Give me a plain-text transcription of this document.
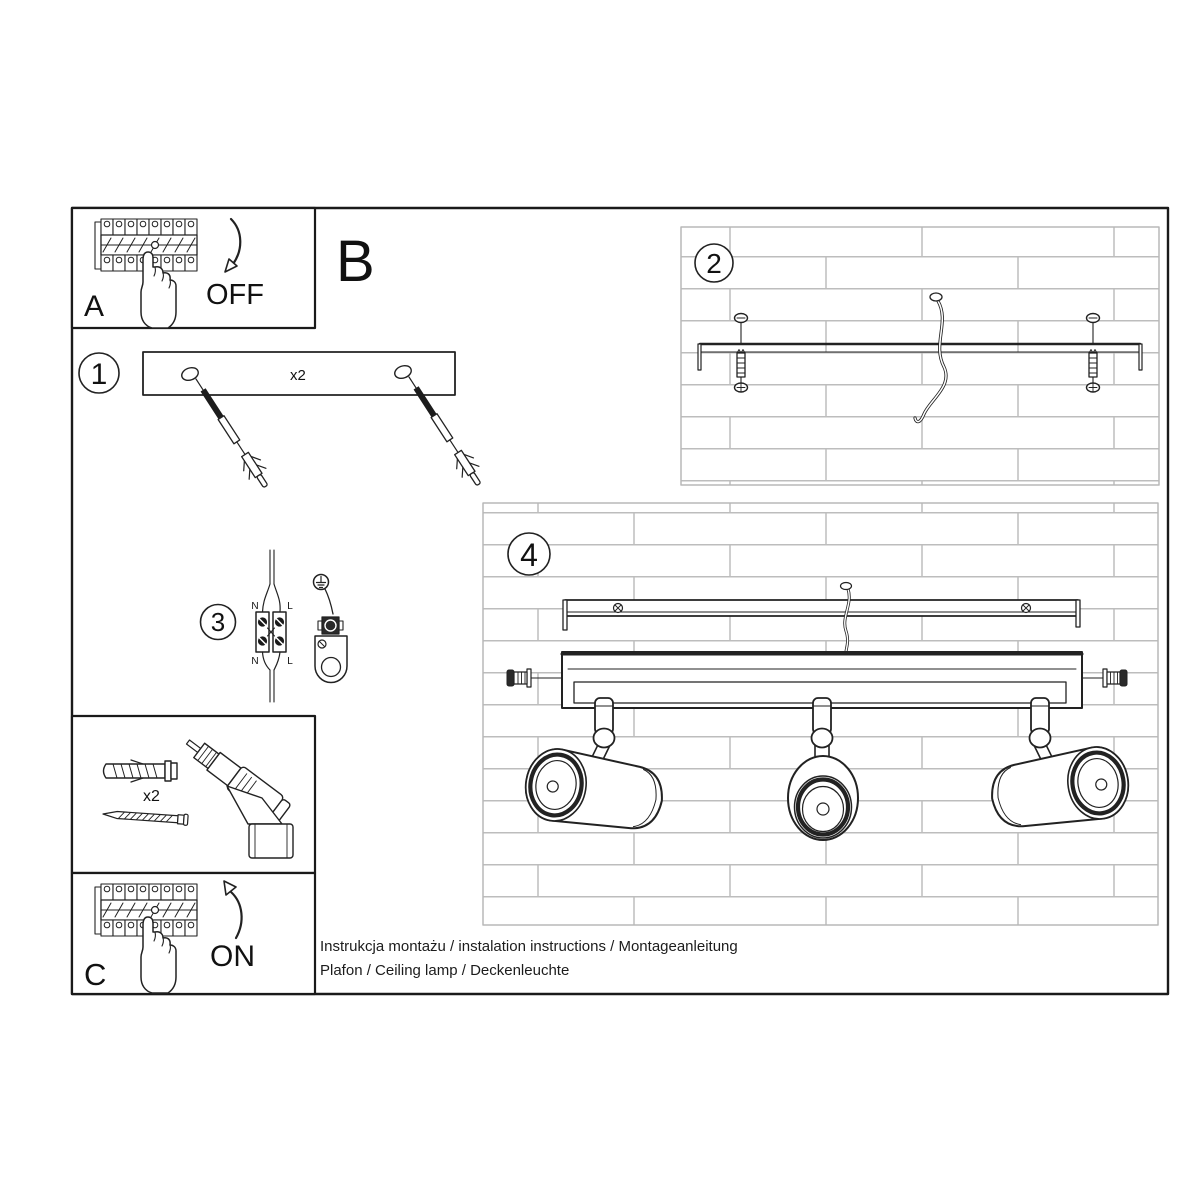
OFF
A
B
1	x2
2
3
N	L
N	L
x2
ON
C
4
Instrukcja montażu / instalation instructions / Montageanleitung
Plafon / Ceiling lamp / Deckenleuchte
